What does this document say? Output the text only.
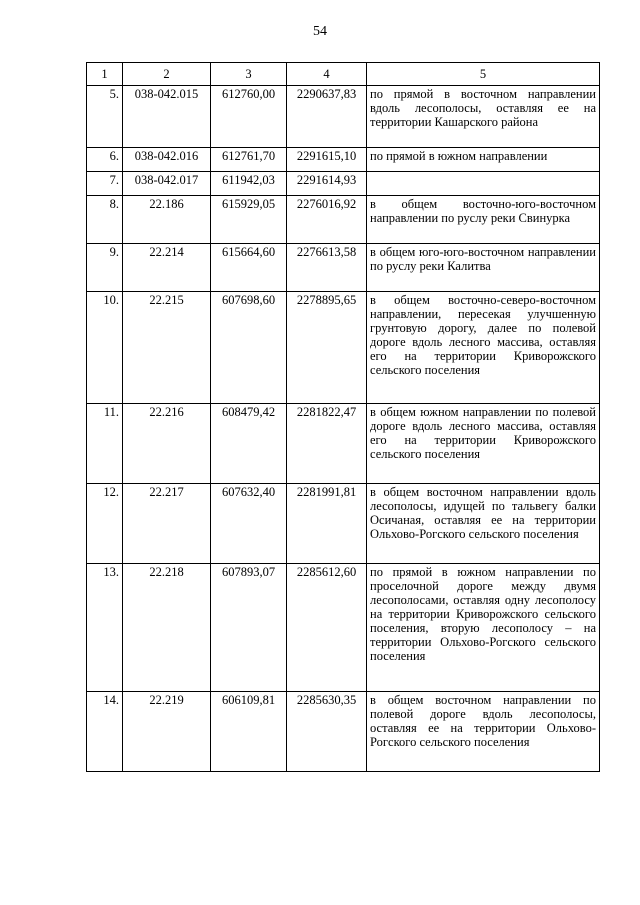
54
1	2	3	4	5
5.	038-042.015	612760,00	2290637,83	по прямой в восточном направлении вдоль лесополосы, оставляя ее на территории Кашарского района
6.	038-042.016	612761,70	2291615,10	по прямой в южном направлении
7.	038-042.017	611942,03	2291614,93	
8.	22.186	615929,05	2276016,92	в общем восточно-юго-восточном направлении по руслу реки Свинурка
9.	22.214	615664,60	2276613,58	в общем юго-юго-восточном направлении по руслу реки Калитва
10.	22.215	607698,60	2278895,65	в общем восточно-северо-восточном направлении, пересекая улучшенную грунтовую дорогу, далее по полевой дороге вдоль лесного массива, оставляя его на территории Криворожского сельского поселения
11.	22.216	608479,42	2281822,47	в общем южном направлении по полевой дороге вдоль лесного массива, оставляя его на территории Криворожского сельского поселения
12.	22.217	607632,40	2281991,81	в общем восточном направлении вдоль лесополосы, идущей по тальвегу балки Осичаная, оставляя ее на территории Ольхово-Рогского сельского поселения
13.	22.218	607893,07	2285612,60	по прямой в южном направлении по проселочной дороге между двумя лесополосами, оставляя одну лесополосу на территории Криворожского сельского поселения, вторую лесополосу – на территории Ольхово-Рогского сельского поселения
14.	22.219	606109,81	2285630,35	в общем восточном направлении по полевой дороге вдоль лесополосы, оставляя ее на территории Ольхово-Рогского сельского поселения
